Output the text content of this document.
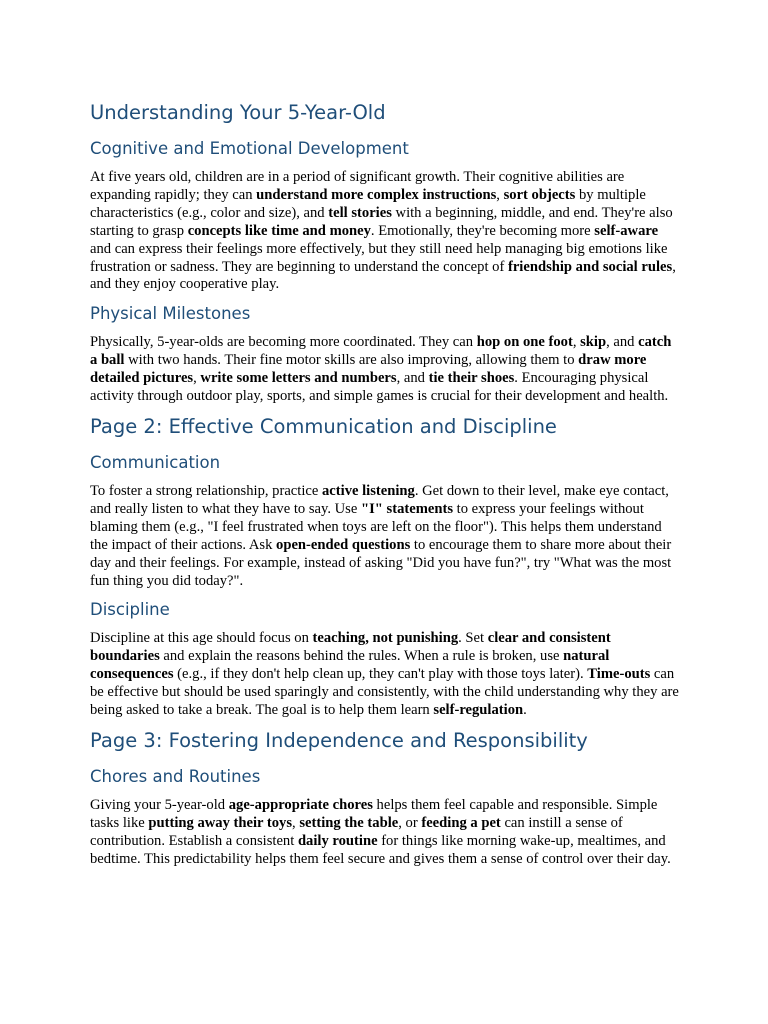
Understanding Your 5-Year-Old
Cognitive and Emotional Development

At five years old, children are in a period of significant growth. Their cognitive abilities are expanding rapidly; they can understand more complex instructions, sort objects by multiple characteristics (e.g., color and size), and tell stories with a beginning, middle, and end. They're also starting to grasp concepts like time and money. Emotionally, they're becoming more self-aware and can express their feelings more effectively, but they still need help managing big emotions like frustration or sadness. They are beginning to understand the concept of friendship and social rules, and they enjoy cooperative play.

Physical Milestones

Physically, 5-year-olds are becoming more coordinated. They can hop on one foot, skip, and catch a ball with two hands. Their fine motor skills are also improving, allowing them to draw more detailed pictures, write some letters and numbers, and tie their shoes. Encouraging physical activity through outdoor play, sports, and simple games is crucial for their development and health.

Page 2: Effective Communication and Discipline
Communication

To foster a strong relationship, practice active listening. Get down to their level, make eye contact, and really listen to what they have to say. Use "I" statements to express your feelings without blaming them (e.g., "I feel frustrated when toys are left on the floor"). This helps them understand the impact of their actions. Ask open-ended questions to encourage them to share more about their day and their feelings. For example, instead of asking "Did you have fun?", try "What was the most fun thing you did today?".

Discipline

Discipline at this age should focus on teaching, not punishing. Set clear and consistent boundaries and explain the reasons behind the rules. When a rule is broken, use natural consequences (e.g., if they don't help clean up, they can't play with those toys later). Time-outs can be effective but should be used sparingly and consistently, with the child understanding why they are being asked to take a break. The goal is to help them learn self-regulation.

Page 3: Fostering Independence and Responsibility
Chores and Routines

Giving your 5-year-old age-appropriate chores helps them feel capable and responsible. Simple tasks like putting away their toys, setting the table, or feeding a pet can instill a sense of contribution. Establish a consistent daily routine for things like morning wake-up, mealtimes, and bedtime. This predictability helps them feel secure and gives them a sense of control over their day.
